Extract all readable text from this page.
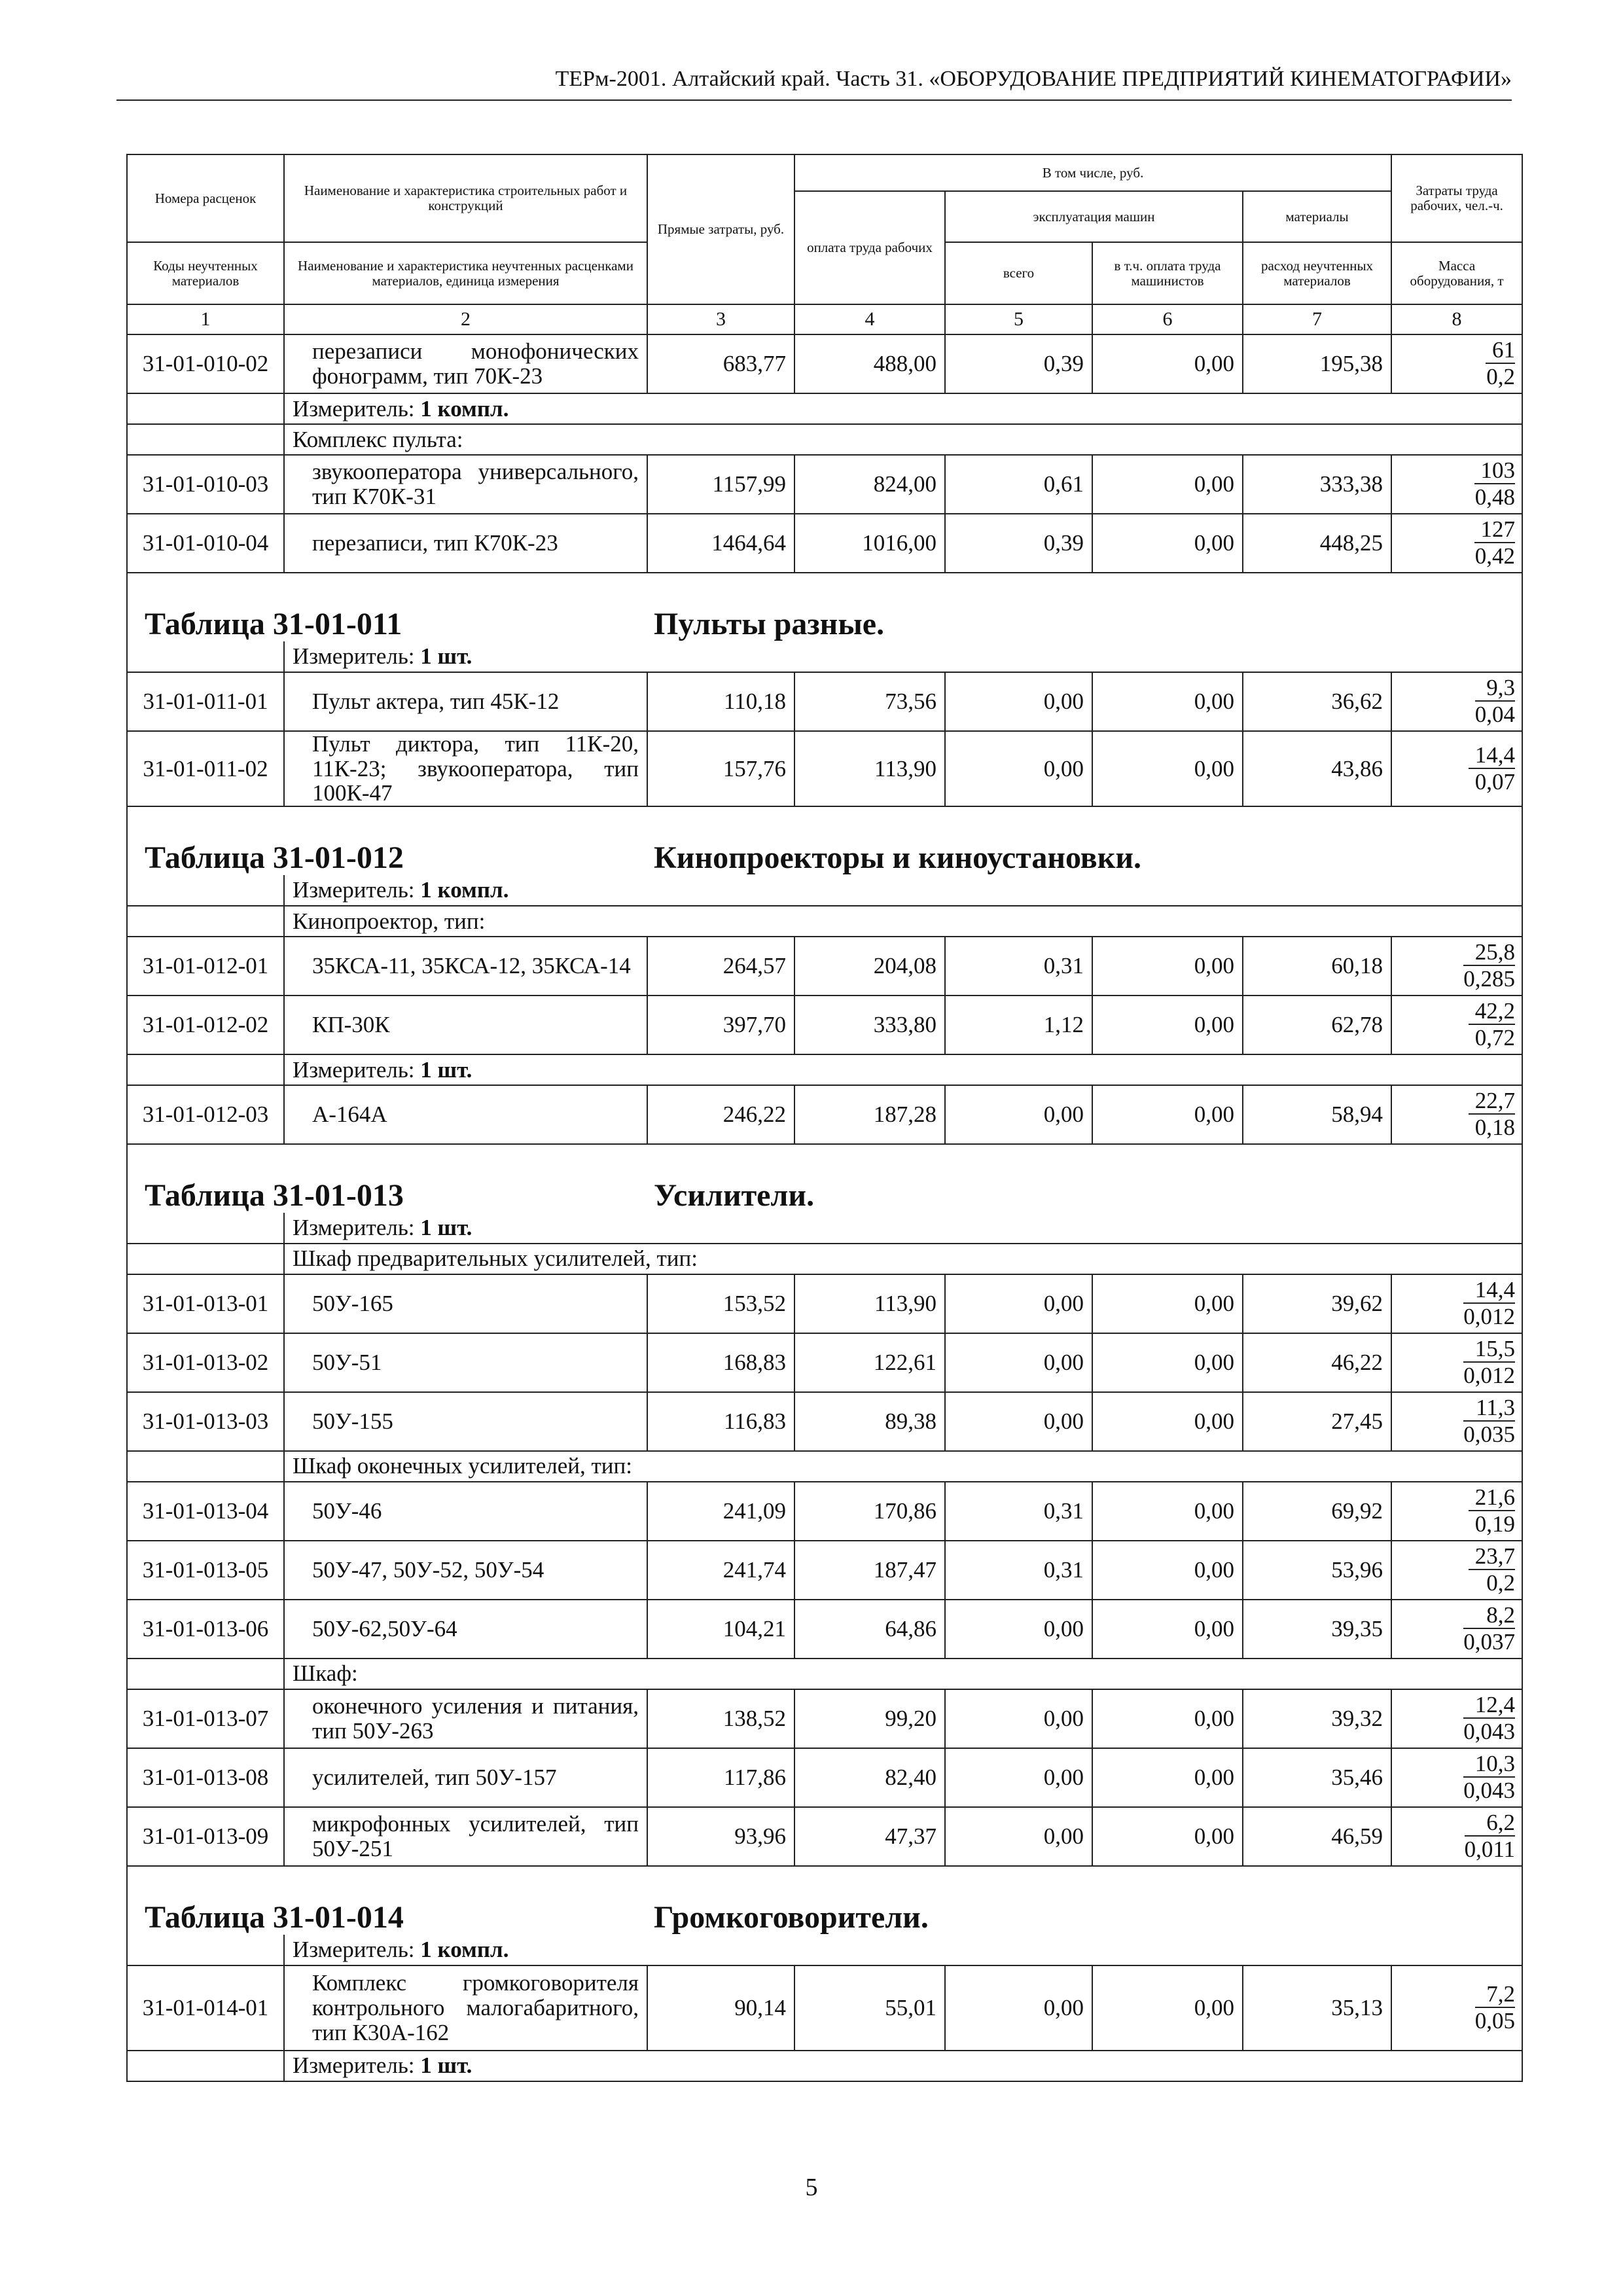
ТЕРм-2001. Алтайский край. Часть 31. «ОБОРУДОВАНИЕ ПРЕДПРИЯТИЙ КИНЕМАТОГРАФИИ»
Номера расценок	Наименование и характеристика строительных работ и конструкций	Прямые затраты, руб.	В том числе, руб.				Затраты труда рабочих, чел.-ч.
			оплата труда рабочих	эксплуатация машин		материалы	
Коды неучтенных материалов	Наименование и характеристика неучтенных расценками материалов, единица измерения			всего	в т.ч. оплата труда машинистов	расход неучтенных материалов	Масса оборудования, т
1	2	3	4	5	6	7	8
31-01-010-02	перезаписи монофонических фонограмм, тип 70К-23	683,77	488,00	0,39	0,00	195,38	$\frac{61}{0,2}$

	Измеритель: 1 компл.						
	Комплекс пульта:						
31-01-010-03	звукооператора универсального, тип К70К-31	1157,99	824,00	0,61	0,00	333,38	$\frac{103}{0,48}$

31-01-010-04	перезаписи, тип К70К-23	1464,64	1016,00	0,39	0,00	448,25	$\frac{127}{0,42}$

Таблица 31-01-011 Пульты разные.							

	Измеритель: 1 шт.						
31-01-011-01	Пульт актера, тип 45К-12	110,18	73,56	0,00	0,00	36,62	$\frac{9,3}{0,04}$

31-01-011-02	Пульт диктора, тип 11К-20, 11К-23; звукооператора, тип 100К-47	157,76	113,90	0,00	0,00	43,86	$\frac{14,4}{0,07}$

Таблица 31-01-012 Кинопроекторы и киноустановки.							

	Измеритель: 1 компл.						
	Кинопроектор, тип:						
31-01-012-01	35КСА-11, 35КСА-12, 35КСА-14	264,57	204,08	0,31	0,00	60,18	$\frac{25,8}{0,285}$

31-01-012-02	КП-30К	397,70	333,80	1,12	0,00	62,78	$\frac{42,2}{0,72}$

	Измеритель: 1 шт.						
31-01-012-03	А-164А	246,22	187,28	0,00	0,00	58,94	$\frac{22,7}{0,18}$

Таблица 31-01-013 Усилители.							

	Измеритель: 1 шт.						
	Шкаф предварительных усилителей, тип:						
31-01-013-01	50У-165	153,52	113,90	0,00	0,00	39,62	$\frac{14,4}{0,012}$

31-01-013-02	50У-51	168,83	122,61	0,00	0,00	46,22	$\frac{15,5}{0,012}$

31-01-013-03	50У-155	116,83	89,38	0,00	0,00	27,45	$\frac{11,3}{0,035}$

	Шкаф оконечных усилителей, тип:						
31-01-013-04	50У-46	241,09	170,86	0,31	0,00	69,92	$\frac{21,6}{0,19}$

31-01-013-05	50У-47, 50У-52, 50У-54	241,74	187,47	0,31	0,00	53,96	$\frac{23,7}{0,2}$

31-01-013-06	50У-62,50У-64	104,21	64,86	0,00	0,00	39,35	$\frac{8,2}{0,037}$

	Шкаф:						
31-01-013-07	оконечного усиления и питания, тип 50У-263	138,52	99,20	0,00	0,00	39,32	$\frac{12,4}{0,043}$

31-01-013-08	усилителей, тип 50У-157	117,86	82,40	0,00	0,00	35,46	$\frac{10,3}{0,043}$

31-01-013-09	микрофонных усилителей, тип 50У-251	93,96	47,37	0,00	0,00	46,59	$\frac{6,2}{0,011}$

Таблица 31-01-014 Громкоговорители.							

	Измеритель: 1 компл.						
31-01-014-01	Комплекс громкоговорителя контрольного малогабаритного, тип К30А-162	90,14	55,01	0,00	0,00	35,13	$\frac{7,2}{0,05}$

	Измеритель: 1 шт.						
5
